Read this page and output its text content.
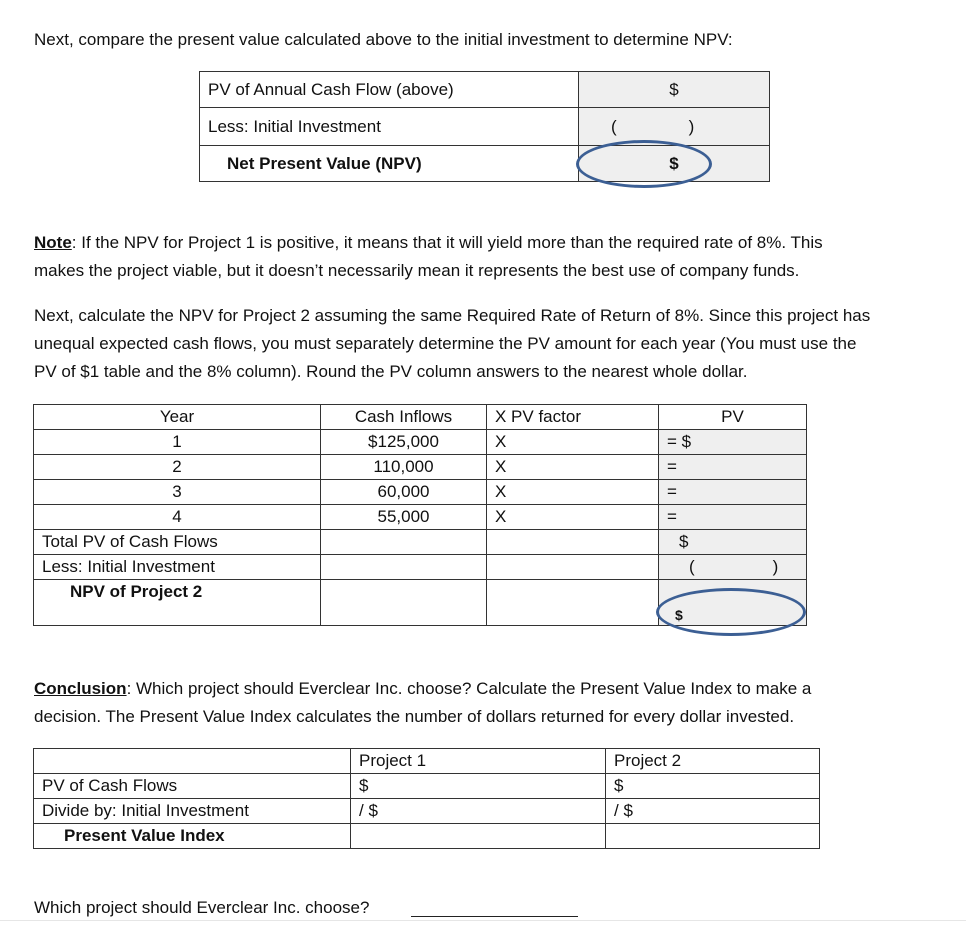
Next, compare the present value calculated above to the initial investment to determine NPV:
PV of Annual Cash Flow (above)	$
Less: Initial Investment	( )
Net Present Value (NPV)	$
Note: If the NPV for Project 1 is positive, it means that it will yield more than the required rate of 8%. This
makes the project viable, but it doesn’t necessarily mean it represents the best use of company funds.
Next, calculate the NPV for Project 2 assuming the same Required Rate of Return of 8%. Since this project has
unequal expected cash flows, you must separately determine the PV amount for each year (You must use the
PV of $1 table and the 8% column). Round the PV column answers to the nearest whole dollar.
Year	Cash Inflows	X PV factor	PV
1	$125,000	X	= $
2	110,000	X	=
3	60,000	X	=
4	55,000	X	=
Total PV of Cash Flows			$
Less: Initial Investment			( )
NPV of Project 2			$
Conclusion: Which project should Everclear Inc. choose? Calculate the Present Value Index to make a
decision. The Present Value Index calculates the number of dollars returned for every dollar invested.
	Project 1	Project 2
PV of Cash Flows	$	$
Divide by: Initial Investment	/ $	/ $
Present Value Index		
Which project should Everclear Inc. choose?
